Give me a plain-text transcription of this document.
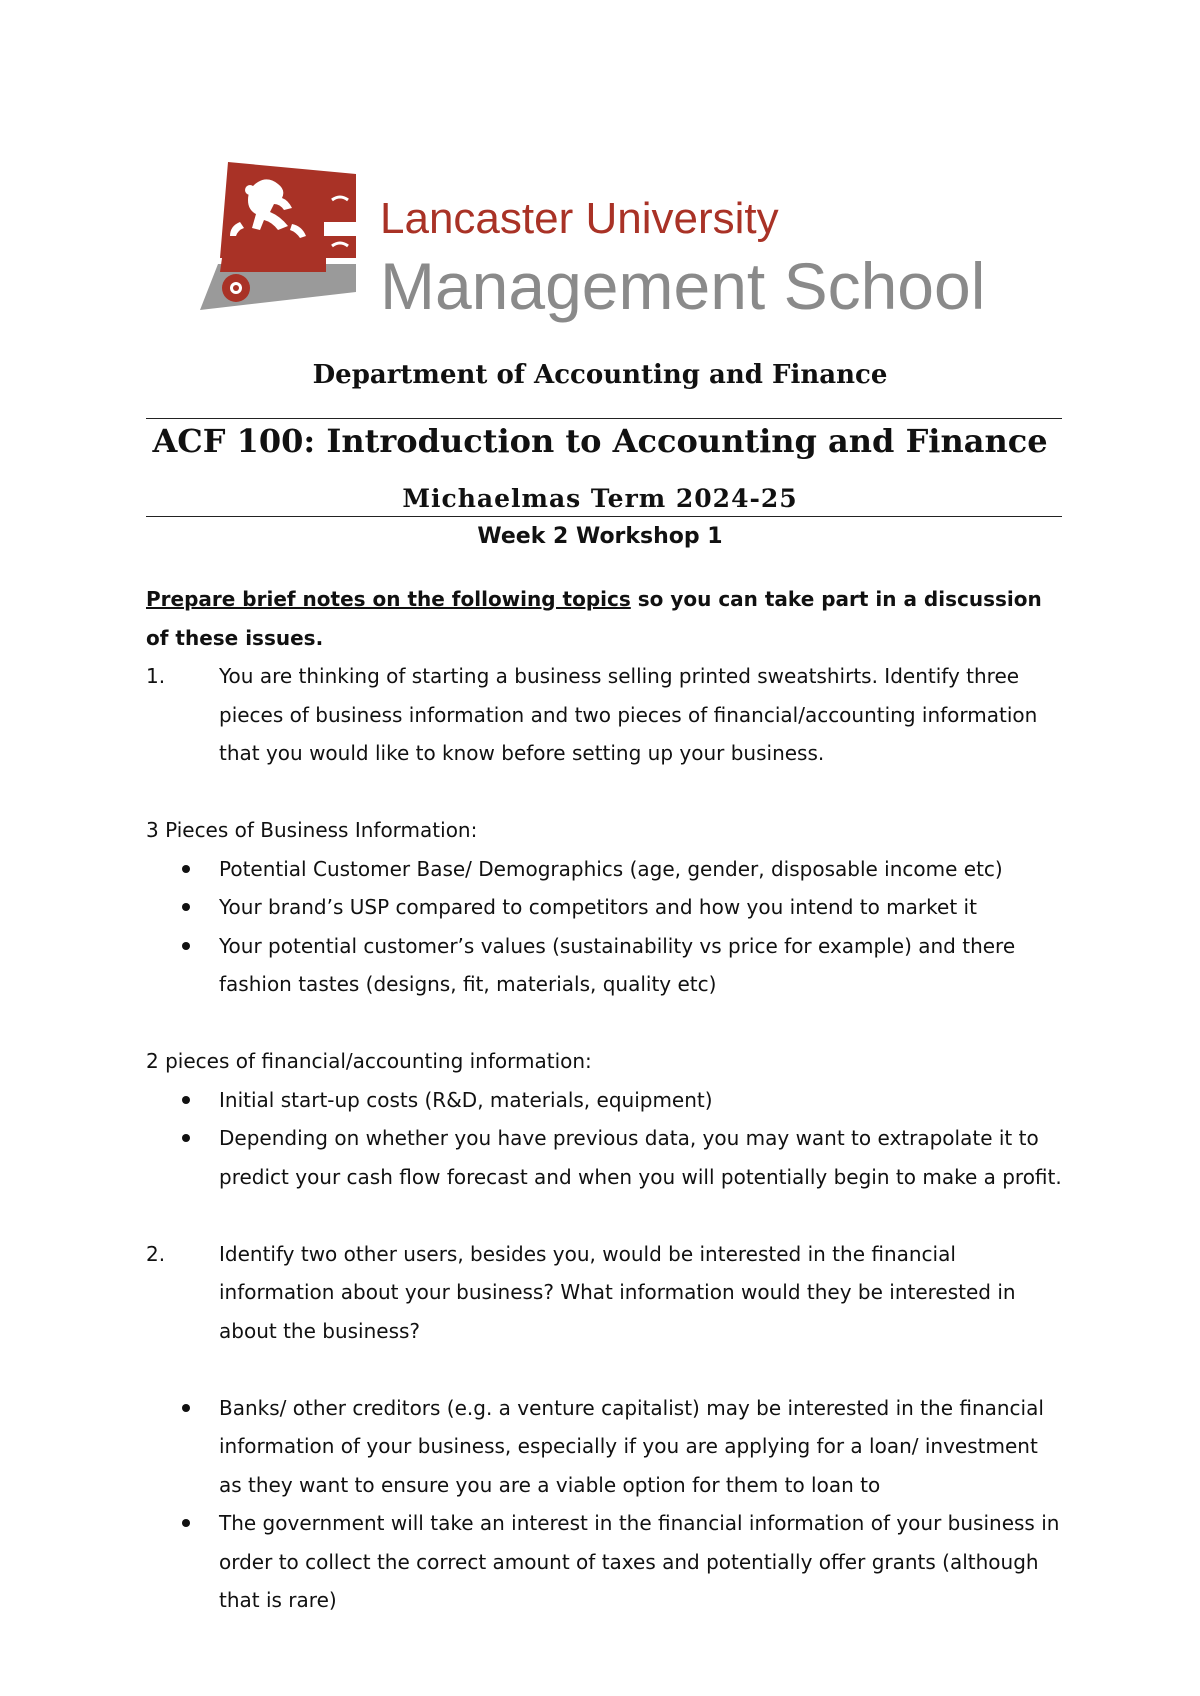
Lancaster University
Management School
Department of Accounting and Finance
ACF 100: Introduction to Accounting and Finance
Michaelmas Term 2024-25
Week 2 Workshop 1
Prepare brief notes on the following topics so you can take part in a discussion of these issues.
1.	You are thinking of starting a business selling printed sweatshirts. Identify three pieces of business information and two pieces of financial/accounting information that you would like to know before setting up your business.
3 Pieces of Business Information:
Potential Customer Base/ Demographics (age, gender, disposable income etc)
Your brand’s USP compared to competitors and how you intend to market it
Your potential customer’s values (sustainability vs price for example) and there fashion tastes (designs, fit, materials, quality etc)
2 pieces of financial/accounting information:
Initial start-up costs (R&D, materials, equipment)
Depending on whether you have previous data, you may want to extrapolate it to predict your cash flow forecast and when you will potentially begin to make a profit.
2.	Identify two other users, besides you, would be interested in the financial information about your business? What information would they be interested in about the business?
Banks/ other creditors (e.g. a venture capitalist) may be interested in the financial information of your business, especially if you are applying for a loan/ investment as they want to ensure you are a viable option for them to loan to
The government will take an interest in the financial information of your business in order to collect the correct amount of taxes and potentially offer grants (although that is rare)
